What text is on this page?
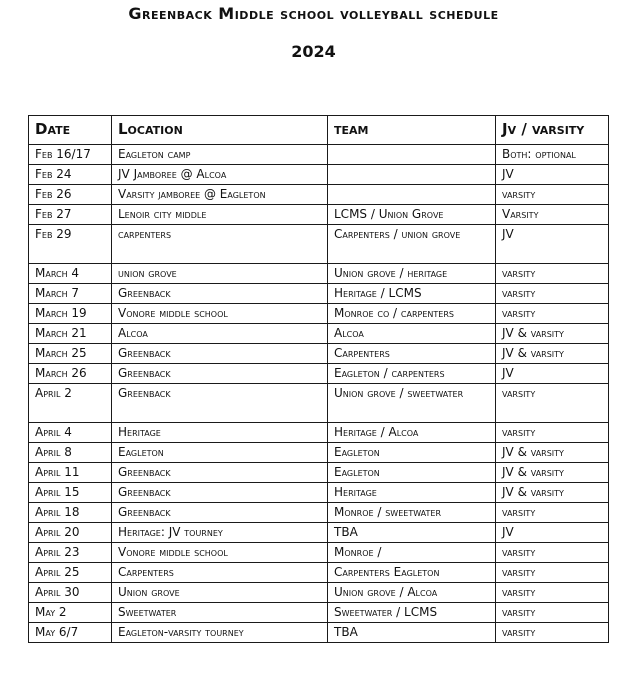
Greenback Middle school volleyball schedule
2024
Date	Location	team	Jv / varsity
Feb 16/17	Eagleton camp		Both: optional
Feb 24	JV Jamboree @ Alcoa		JV
Feb 26	Varsity jamboree @ Eagleton		varsity
Feb 27	Lenoir city middle	LCMS / Union Grove	Varsity
Feb 29	carpenters	Carpenters / union grove	JV
March 4	union grove	Union grove / heritage	varsity
March 7	Greenback	Heritage / LCMS	varsity
March 19	Vonore middle school	Monroe co / carpenters	varsity
March 21	Alcoa	Alcoa	JV & varsity
March 25	Greenback	Carpenters	JV & varsity
March 26	Greenback	Eagleton / carpenters	JV
April 2	Greenback	Union grove / sweetwater	varsity
April 4	Heritage	Heritage / Alcoa	varsity
April 8	Eagleton	Eagleton	JV & varsity
April 11	Greenback	Eagleton	JV & varsity
April 15	Greenback	Heritage	JV & varsity
April 18	Greenback	Monroe / sweetwater	varsity
April 20	Heritage: JV tourney	TBA	JV
April 23	Vonore middle school	Monroe /	varsity
April 25	Carpenters	Carpenters Eagleton	varsity
April 30	Union grove	Union grove / Alcoa	varsity
May 2	Sweetwater	Sweetwater / LCMS	varsity
May 6/7	Eagleton-varsity tourney	TBA	varsity
